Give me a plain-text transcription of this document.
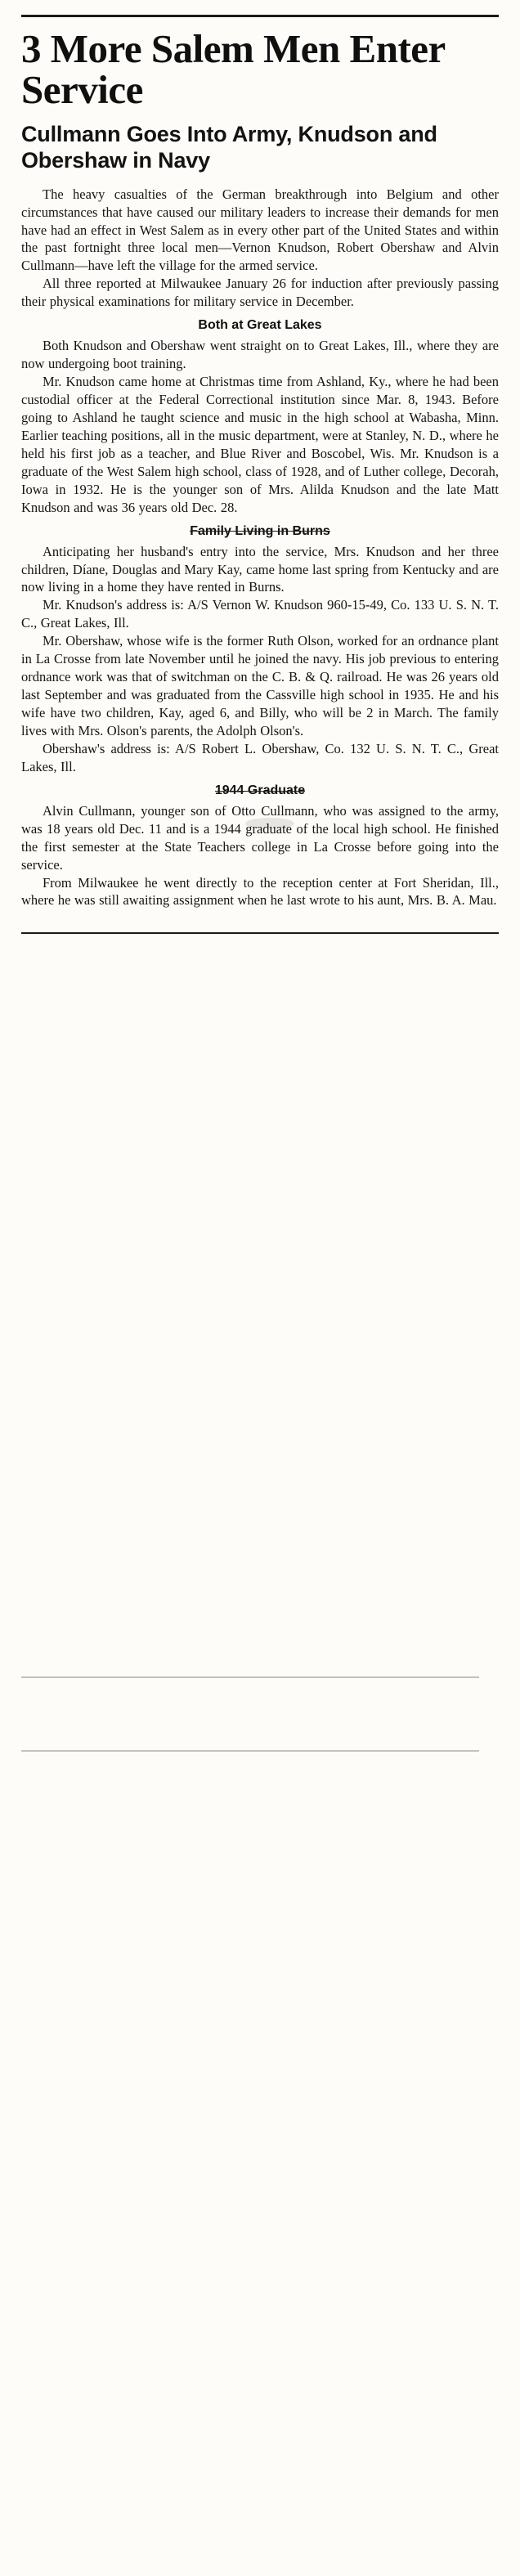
3 More Salem Men Enter Service
Cullmann Goes Into Army, Knudson and Obershaw in Navy

The heavy casualties of the German breakthrough into Belgium and other circumstances that have caused our military leaders to increase their demands for men have had an effect in West Salem as in every other part of the United States and within the past fortnight three local men—Vernon Knudson, Robert Obershaw and Alvin Cullmann—have left the village for the armed service.

All three reported at Milwaukee January 26 for induction after previously passing their physical examinations for military service in December.

Both at Great Lakes

Both Knudson and Obershaw went straight on to Great Lakes, Ill., where they are now undergoing boot training.

Mr. Knudson came home at Christmas time from Ashland, Ky., where he had been custodial officer at the Federal Correctional institution since Mar. 8, 1943. Before going to Ashland he taught science and music in the high school at Wabasha, Minn. Earlier teaching positions, all in the music department, were at Stanley, N. D., where he held his first job as a teacher, and Blue River and Boscobel, Wis. Mr. Knudson is a graduate of the West Salem high school, class of 1928, and of Luther college, Decorah, Iowa in 1932. He is the younger son of Mrs. Alilda Knudson and the late Matt Knudson and was 36 years old Dec. 28.

Family Living in Burns

Anticipating her husband's entry into the service, Mrs. Knudson and her three children, Díane, Douglas and Mary Kay, came home last spring from Kentucky and are now living in a home they have rented in Burns.

Mr. Knudson's address is: A/S Vernon W. Knudson 960-15-49, Co. 133 U. S. N. T. C., Great Lakes, Ill.

Mr. Obershaw, whose wife is the former Ruth Olson, worked for an ordnance plant in La Crosse from late November until he joined the navy. His job previous to entering ordnance work was that of switchman on the C. B. & Q. railroad. He was 26 years old last September and was graduated from the Cassville high school in 1935. He and his wife have two children, Kay, aged 6, and Billy, who will be 2 in March. The family lives with Mrs. Olson's parents, the Adolph Olson's.

Obershaw's address is: A/S Robert L. Obershaw, Co. 132 U. S. N. T. C., Great Lakes, Ill.

1944 Graduate

Alvin Cullmann, younger son of Otto Cullmann, who was assigned to the army, was 18 years old Dec. 11 and is a 1944 graduate of the local high school. He finished the first semester at the State Teachers college in La Crosse before going into the service.

From Milwaukee he went directly to the reception center at Fort Sheridan, Ill., where he was still awaiting assignment when he last wrote to his aunt, Mrs. B. A. Mau.
